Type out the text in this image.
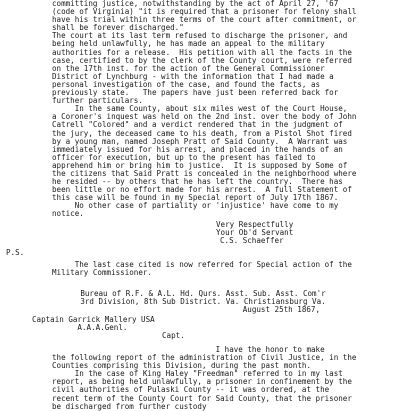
committing justice, notwithstanding by the act of April 27, '67
(code of Virginia) "it is required that a prisoner for felony shall
have his trial within three terms of the court after commitment, or
shall be forever discharged."
The court at its last term refused to discharge the prisoner, and
being held unlawfully, he has made an appeal to the military
authorities for a release.  His petition with all the facts in the
case, certified to by the clerk of the County court, were referred
on the 17th inst. for the action of the General Commissioner
District of Lynchburg - with the information that I had made a
personal investigation of the case, and found the facts, as
previously state.   The papers have just been referred back for
further particulars.
In the same County, about six miles west of the Court House,
a Coroner's inquest was held on the 2nd inst. over the body of John
Catrell "Colored" and a verdict rendered that in the judgment of
the jury, the deceased came to his death, from a Pistol Shot fired
by a young man, named Joseph Pratt of Said County.  A Warrant was
immediately issued for his arrest, and placed in the hands of an
officer for execution, but up to the present has failed to
apprehend him or bring him to justice.  It is supposed by Some of
the citizens that Said Pratt is concealed in the neighborhood where
he resided -- by others that he has left the country.  There has
been little or no effort made for his arrest.  A full Statement of
this case will be found in my Special report of July 17th 1867.
No other case of partiality or 'injustice' have come to my
notice.
Very Respectfully
Your Ob'd Servant
C.S. Schaeffer
P.S.
The last case cited is now referred for Special action of the
Military Commissioner.
Bureau of R.F. & A.L. Hd. Qurs. Asst. Sub. Asst. Com'r
3rd Division, 8th Sub District. Va. Christiansburg Va.
August 25th 1867,
Captain Garrick Mallery USA
A.A.A.Genl.
Capt.
I have the honor to make
the following report of the administration of Civil Justice, in the
Counties comprising this Division, during the past month.
In the case of King Haley "Freedman" referred to in my last
report, as being held unlawfully, a prisoner in confinement by the
civil authorities of Pulaski County -- it was ordered, at the
recent term of the County Court for Said County, that the prisoner
be discharged from further custody
